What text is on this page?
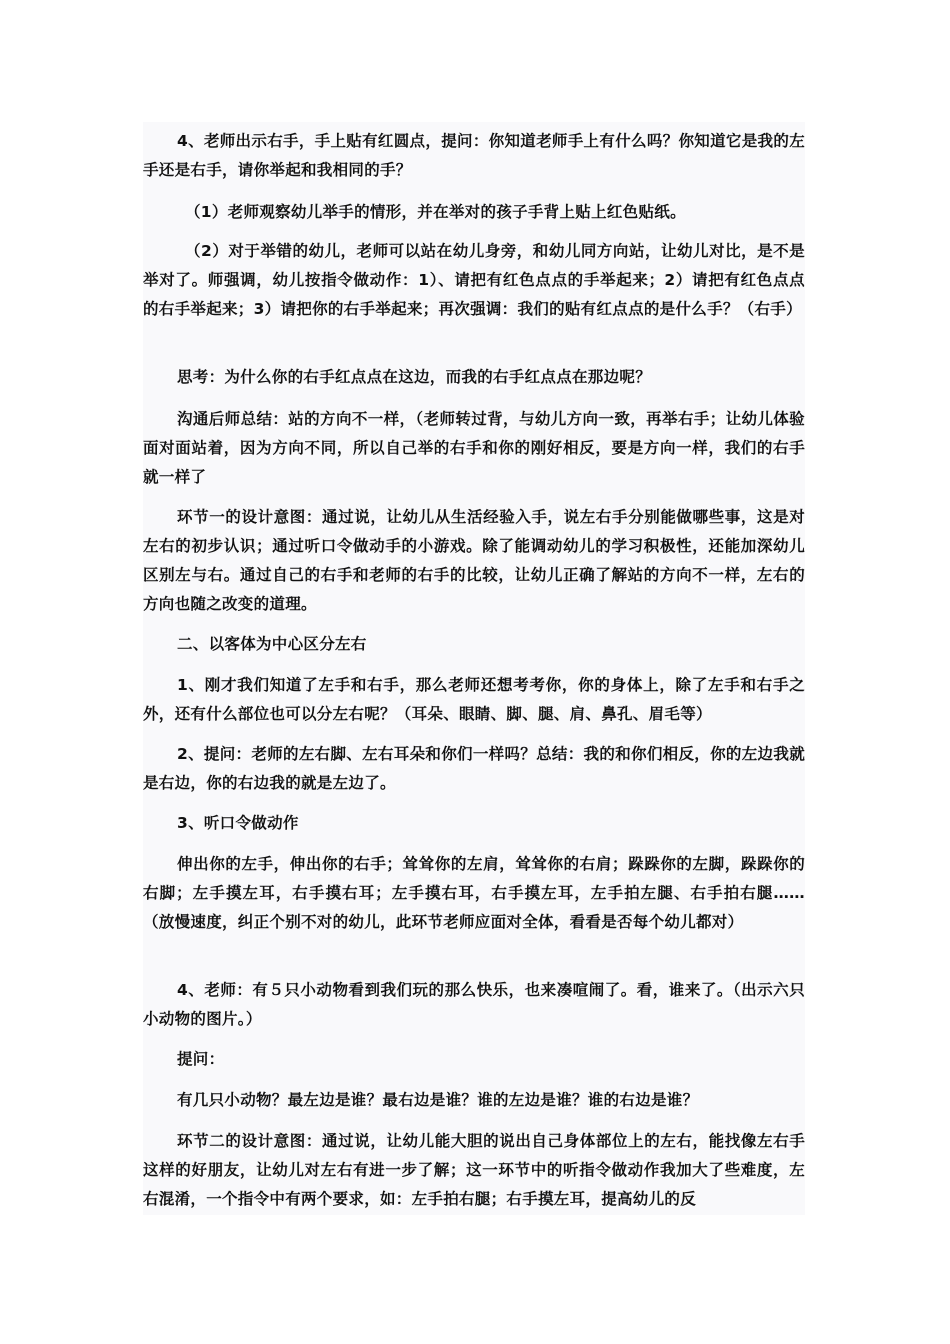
4、老师出示右手，手上贴有红圆点，提问：你知道老师手上有什么吗？你知道它是我的左手还是右手，请你举起和我相同的手？

（1）老师观察幼儿举手的情形，并在举对的孩子手背上贴上红色贴纸。

（2）对于举错的幼儿，老师可以站在幼儿身旁，和幼儿同方向站，让幼儿对比，是不是举对了。师强调，幼儿按指令做动作：1）、请把有红色点点的手举起来；2）请把有红色点点的右手举起来；3）请把你的右手举起来；再次强调：我们的贴有红点点的是什么手？（右手）

思考：为什么你的右手红点点在这边，而我的右手红点点在那边呢？

沟通后师总结：站的方向不一样，（老师转过背，与幼儿方向一致，再举右手；让幼儿体验面对面站着，因为方向不同，所以自己举的右手和你的刚好相反，要是方向一样，我们的右手就一样了

环节一的设计意图：通过说，让幼儿从生活经验入手，说左右手分别能做哪些事，这是对左右的初步认识；通过听口令做动手的小游戏。除了能调动幼儿的学习积极性，还能加深幼儿区别左与右。通过自己的右手和老师的右手的比较，让幼儿正确了解站的方向不一样，左右的方向也随之改变的道理。

二、以客体为中心区分左右

1、刚才我们知道了左手和右手，那么老师还想考考你，你的身体上，除了左手和右手之外，还有什么部位也可以分左右呢？（耳朵、眼睛、脚、腿、肩、鼻孔、眉毛等）

2、提问：老师的左右脚、左右耳朵和你们一样吗？总结：我的和你们相反，你的左边我就是右边，你的右边我的就是左边了。

3、听口令做动作

伸出你的左手，伸出你的右手；耸耸你的左肩，耸耸你的右肩；跺跺你的左脚，跺跺你的右脚；左手摸左耳，右手摸右耳；左手摸右耳，右手摸左耳，左手拍左腿、右手拍右腿……（放慢速度，纠正个别不对的幼儿，此环节老师应面对全体，看看是否每个幼儿都对）

4、老师：有５只小动物看到我们玩的那么快乐，也来凑喧闹了。看，谁来了。（出示六只小动物的图片。）

提问：

有几只小动物？最左边是谁？最右边是谁？谁的左边是谁？谁的右边是谁？

环节二的设计意图：通过说，让幼儿能大胆的说出自己身体部位上的左右，能找像左右手这样的好朋友，让幼儿对左右有进一步了解；这一环节中的听指令做动作我加大了些难度，左右混淆，一个指令中有两个要求，如：左手拍右腿；右手摸左耳，提高幼儿的反
